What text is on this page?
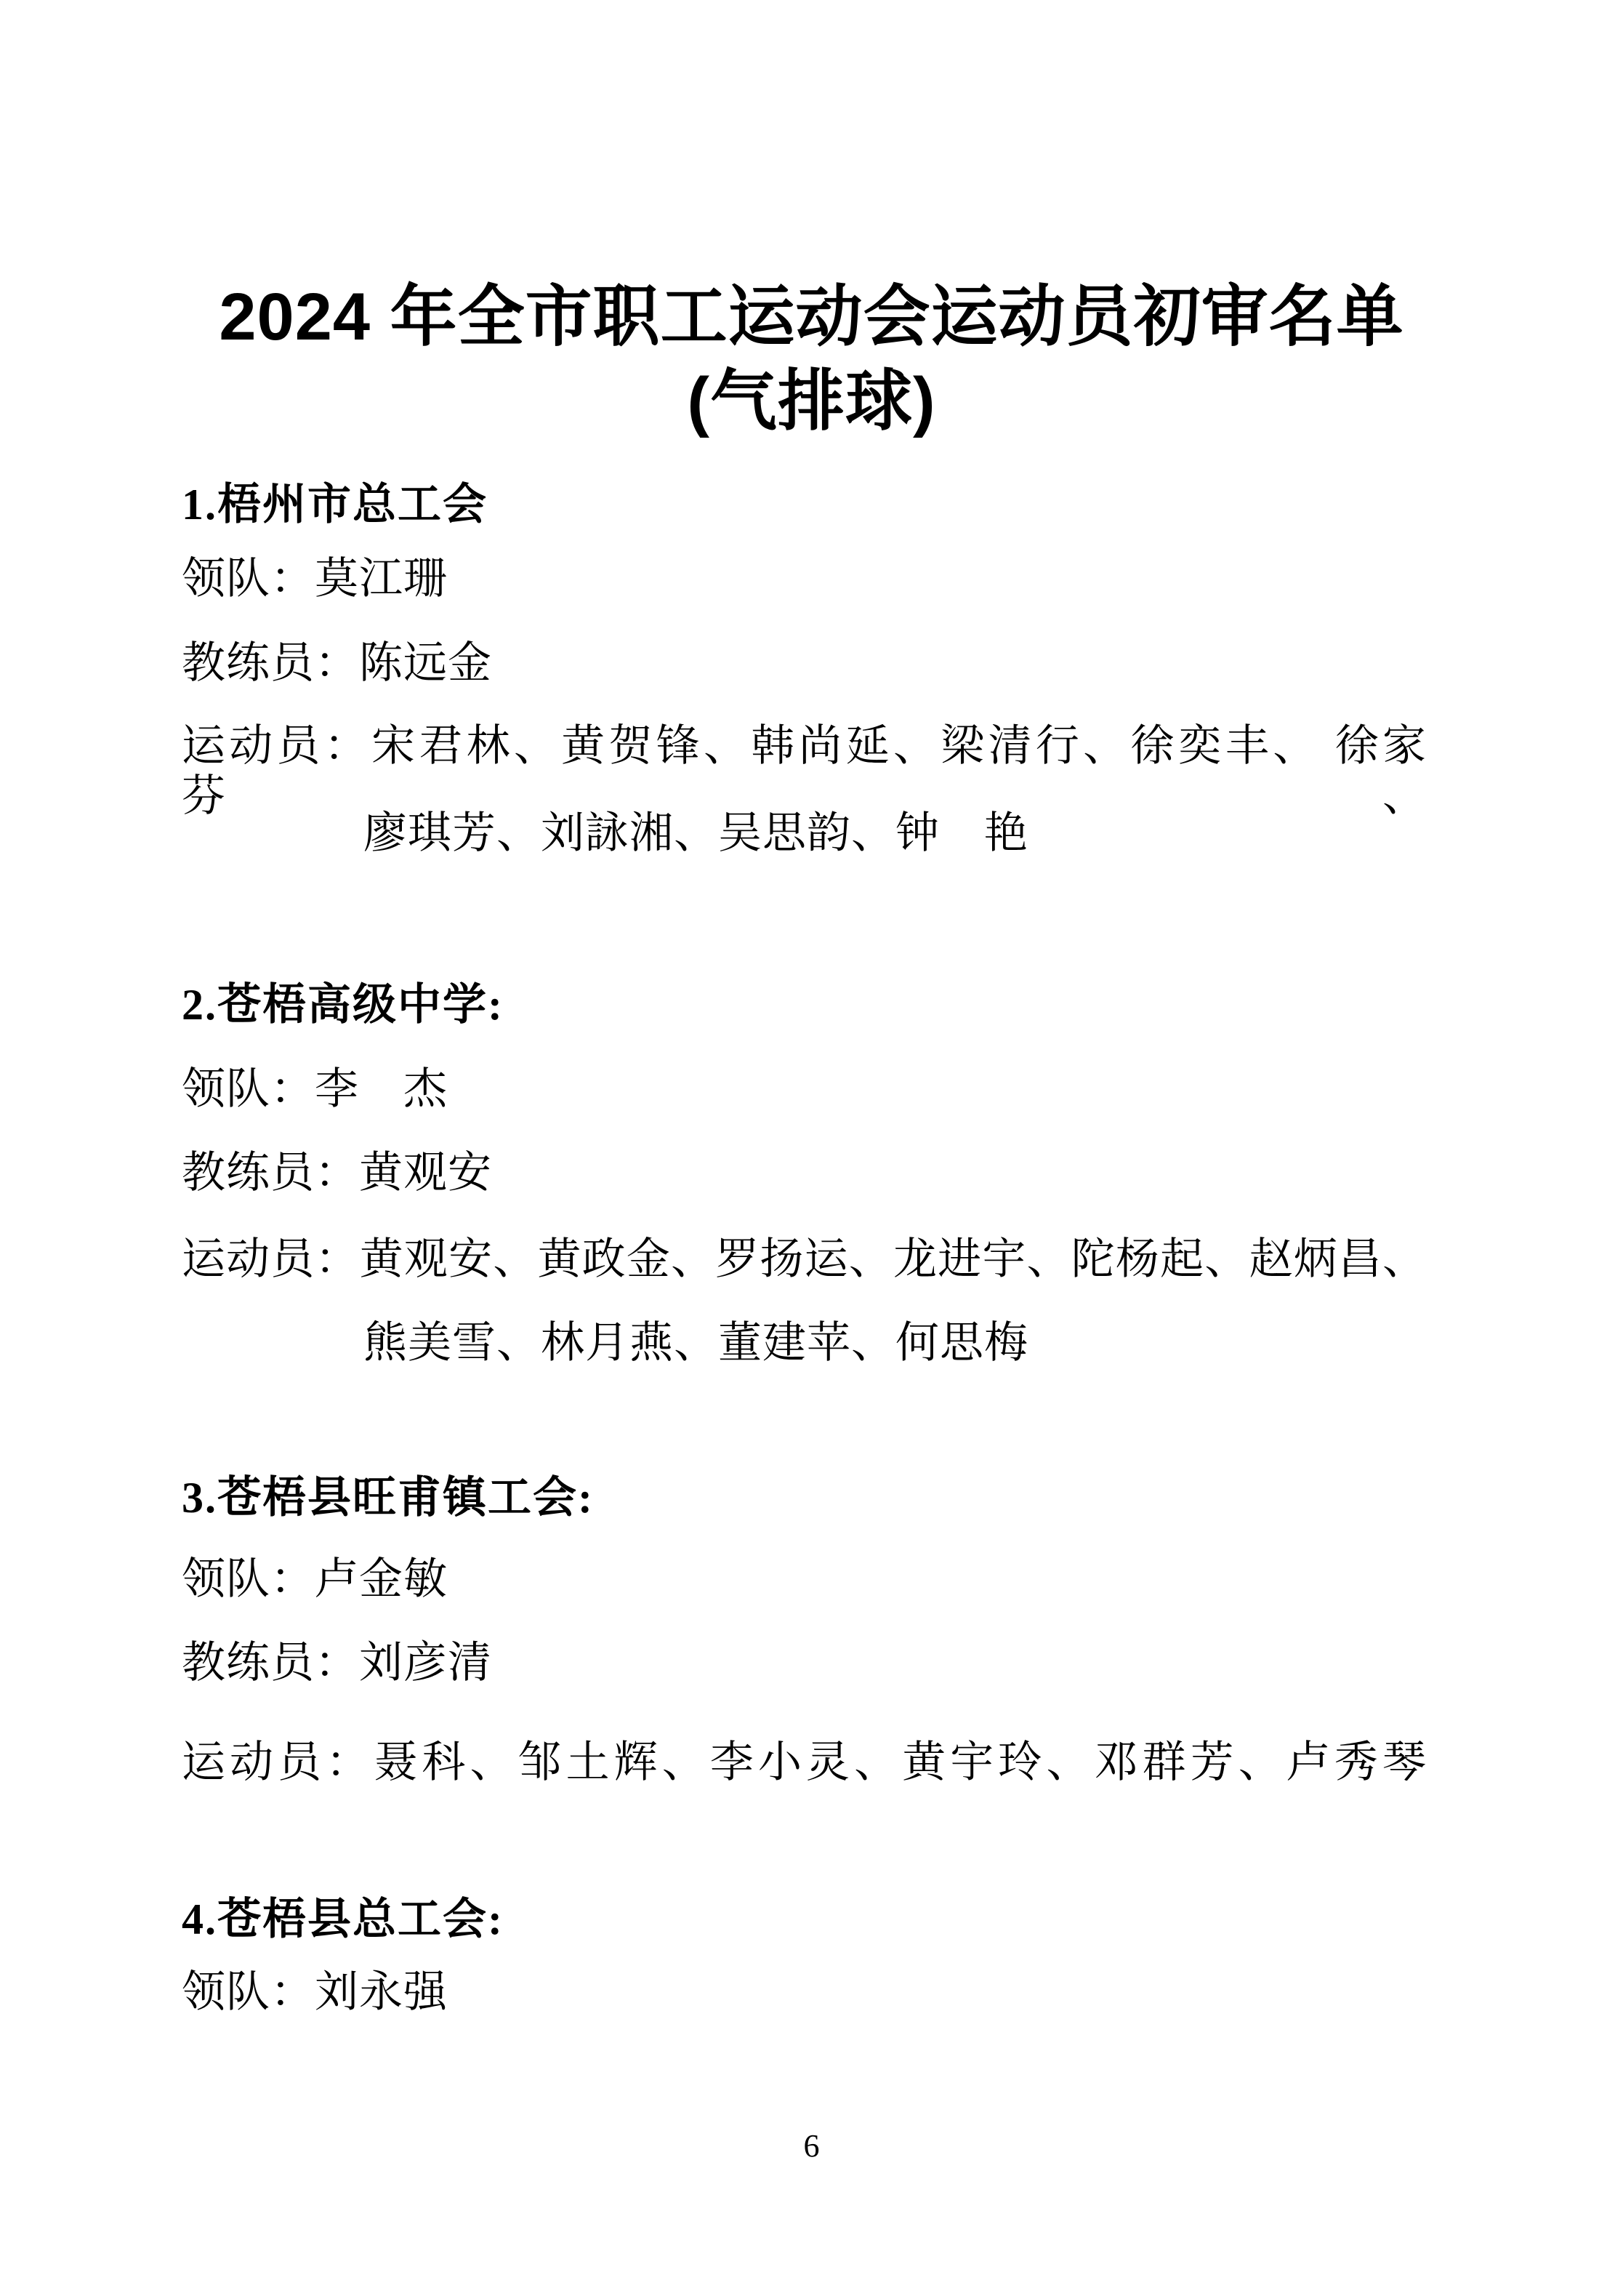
2024 年全市职工运动会运动员初审名单
(气排球)
1.梧州市总工会
领队：莫江珊
教练员：陈远金
运动员：宋君林、黄贺锋、韩尚延、梁清行、徐奕丰、 徐家芬、
廖琪芳、刘詠湘、吴思韵、钟　艳
2.苍梧高级中学:
领队：李　杰
教练员：黄观安
运动员：黄观安、黄政金、罗扬运、龙进宇、陀杨起、赵炳昌、
熊美雪、林月燕、董建苹、何思梅
3.苍梧县旺甫镇工会:
领队：卢金敏
教练员：刘彦清
运动员：聂科、邹土辉、李小灵、黄宇玲、邓群芳、卢秀琴
4.苍梧县总工会:
领队：刘永强
6
